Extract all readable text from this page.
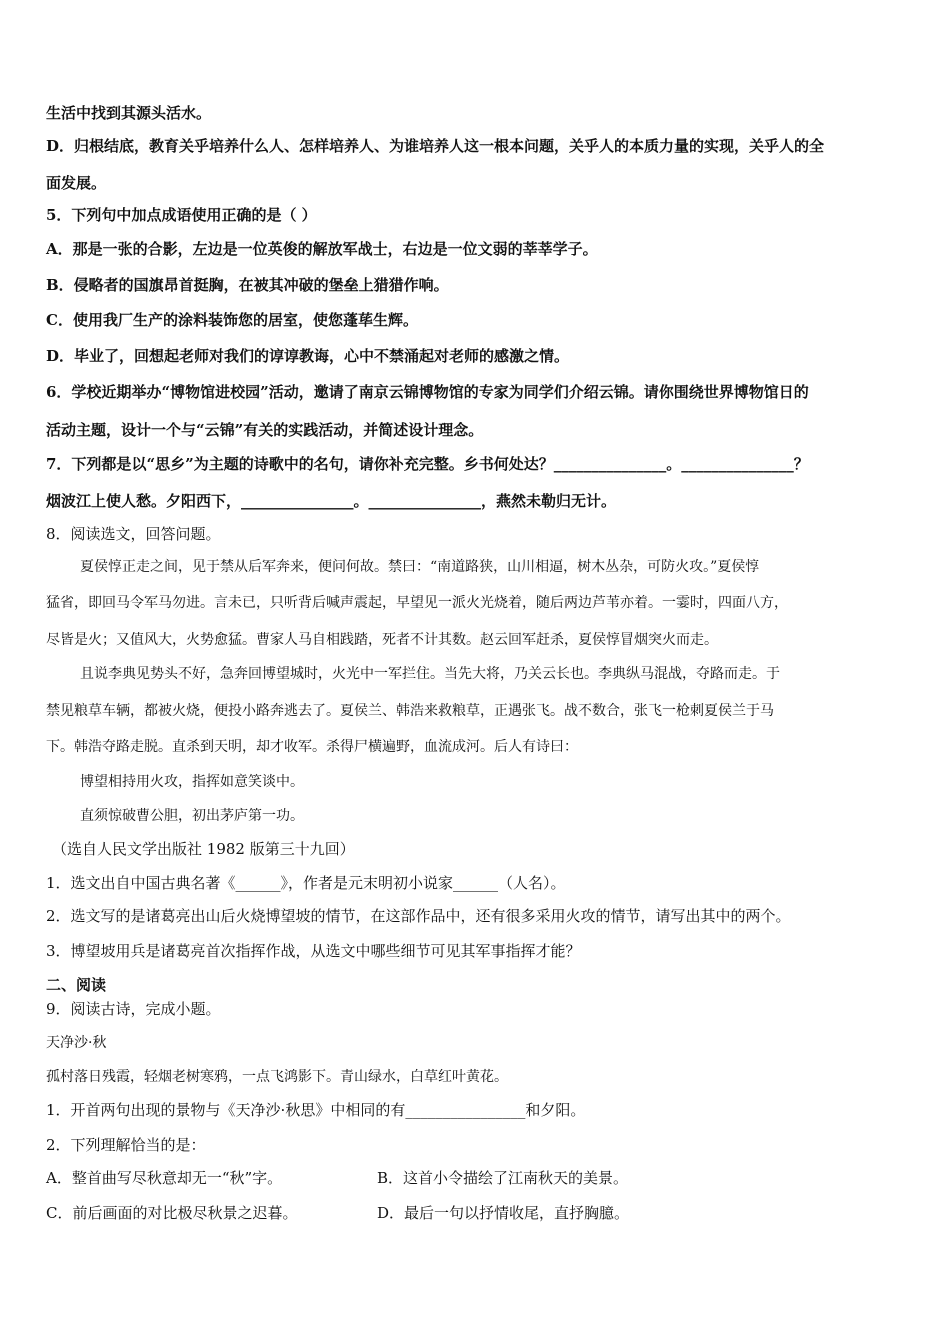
生活中找到其源头活水。
D．归根结底，教育关乎培养什么人、怎样培养人、为谁培养人这一根本问题，关乎人的本质力量的实现，关乎人的全
面发展。
5．下列句中加点成语使用正确的是（ ）
A．那是一张的合影，左边是一位英俊的解放军战士，右边是一位文弱的莘莘学子。
B．侵略者的国旗昂首挺胸，在被其冲破的堡垒上猎猎作响。
C．使用我厂生产的涂料装饰您的居室，使您蓬荜生辉。
D．毕业了，回想起老师对我们的谆谆教诲，心中不禁涌起对老师的感激之情。
6．学校近期举办“博物馆进校园”活动，邀请了南京云锦博物馆的专家为同学们介绍云锦。请你围绕世界博物馆日的
活动主题，设计一个与“云锦”有关的实践活动，并简述设计理念。
7．下列都是以“思乡”为主题的诗歌中的名句，请你补充完整。乡书何处达？_______________。_______________？
烟波江上使人愁。夕阳西下，_______________。_______________，燕然未勒归无计。
8．阅读选文，回答问题。
夏侯惇正走之间，见于禁从后军奔来，便问何故。禁曰：“南道路狭，山川相逼，树木丛杂，可防火攻。”夏侯惇
猛省，即回马令军马勿进。言未已，只听背后喊声震起，早望见一派火光烧着，随后两边芦苇亦着。一霎时，四面八方，
尽皆是火；又值风大，火势愈猛。曹家人马自相践踏，死者不计其数。赵云回军赶杀，夏侯惇冒烟突火而走。
且说李典见势头不好，急奔回博望城时，火光中一军拦住。当先大将，乃关云长也。李典纵马混战，夺路而走。于
禁见粮草车辆，都被火烧，便投小路奔逃去了。夏侯兰、韩浩来救粮草，正遇张飞。战不数合，张飞一枪刺夏侯兰于马
下。韩浩夺路走脱。直杀到天明，却才收军。杀得尸横遍野，血流成河。后人有诗曰：
博望相持用火攻，指挥如意笑谈中。
直须惊破曹公胆，初出茅庐第一功。
（选自人民文学出版社 1982 版第三十九回）
1．选文出自中国古典名著《______》，作者是元末明初小说家______（人名）。
2．选文写的是诸葛亮出山后火烧博望坡的情节，在这部作品中，还有很多采用火攻的情节，请写出其中的两个。
3．博望坡用兵是诸葛亮首次指挥作战，从选文中哪些细节可见其军事指挥才能？
二、阅读
9．阅读古诗，完成小题。
天净沙·秋
孤村落日残霞，轻烟老树寒鸦，一点飞鸿影下。青山绿水，白草红叶黄花。
1．开首两句出现的景物与《天净沙·秋思》中相同的有________________和夕阳。
2．下列理解恰当的是：
A．整首曲写尽秋意却无一“秋”字。	B．这首小令描绘了江南秋天的美景。
C．前后画面的对比极尽秋景之迟暮。	D．最后一句以抒情收尾，直抒胸臆。
